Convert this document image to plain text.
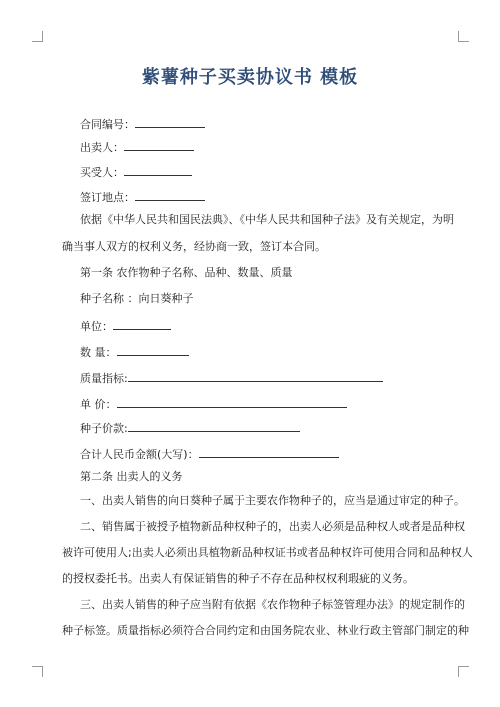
紫薯种子买卖协议书 模板
合同编号：
出卖人：
买受人：
签订地点：
依据《中华人民共和国民法典》、《中华人民共和国种子法》及有关规定，为明
确当事人双方的权利义务，经协商一致，签订本合同。
第一条 农作物种子名称、品种、数量、质量
种子名称 ：向日葵种子
单位：
数 量：
质量指标:
单 价：
种子价款:
合计人民币金额(大写)：
第二条 出卖人的义务
一、出卖人销售的向日葵种子属于主要农作物种子的，应当是通过审定的种子。
二、销售属于被授予植物新品种权种子的，出卖人必须是品种权人或者是品种权
被许可使用人;出卖人必须出具植物新品种权证书或者品种权许可使用合同和品种权人
的授权委托书。出卖人有保证销售的种子不存在品种权权利瑕疵的义务。
三、出卖人销售的种子应当附有依据《农作物种子标签管理办法》的规定制作的
种子标签。质量指标必须符合合同约定和由国务院农业、林业行政主管部门制定的种
